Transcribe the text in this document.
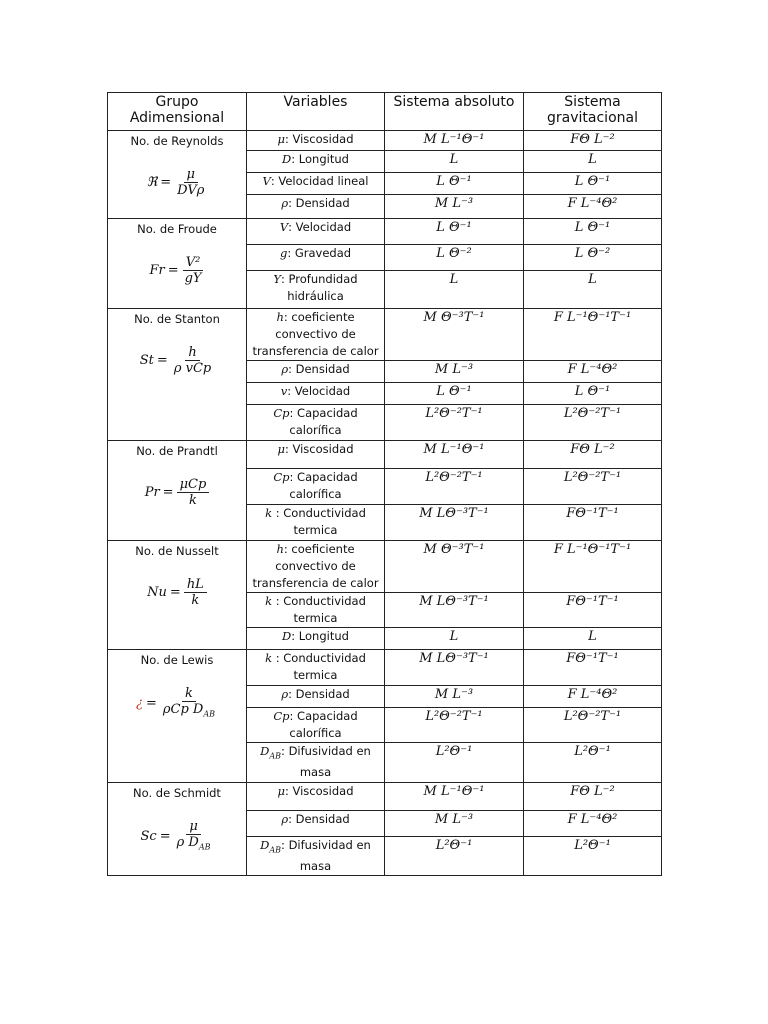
Grupo Adimensional	Variables	Sistema absoluto	Sistema gravitacional

No. de Reynolds
ℜ = $\frac{\mu}{\text{DVρ}}$	μ: Viscosidad	M L⁻¹Θ⁻¹	FΘ L⁻²
	D: Longitud	L	L
	V: Velocidad lineal	L Θ⁻¹	L Θ⁻¹
	ρ: Densidad	M L⁻³	F L⁻⁴Θ²

No. de Froude
$Fr = \frac{\text{V²}}{gY}$	V: Velocidad	L Θ⁻¹	L Θ⁻¹
	g: Gravedad	L Θ⁻²	L Θ⁻²
	Y: Profundidad hidráulica	L	L

No. de Stanton
$St = \frac{h}{\text{ρ vCp}}$	h: coeficiente convectivo de transferencia de calor	M Θ⁻³T⁻¹	F L⁻¹Θ⁻¹T⁻¹
	ρ: Densidad	M L⁻³	F L⁻⁴Θ²
	v: Velocidad	L Θ⁻¹	L Θ⁻¹
	Cp: Capacidad calorífica	L²Θ⁻²T⁻¹	L²Θ⁻²T⁻¹

No. de Prandtl
$Pr = \frac{\text{μCp}}{k}$	μ: Viscosidad	M L⁻¹Θ⁻¹	FΘ L⁻²
	Cp: Capacidad calorífica	L²Θ⁻²T⁻¹	L²Θ⁻²T⁻¹
	k : Conductividad termica	M LΘ⁻³T⁻¹	FΘ⁻¹T⁻¹

No. de Nusselt
$Nu = \frac{hL}{k}$	h: coeficiente convectivo de transferencia de calor	M Θ⁻³T⁻¹	F L⁻¹Θ⁻¹T⁻¹
	k : Conductividad termica	M LΘ⁻³T⁻¹	FΘ⁻¹T⁻¹
	D: Longitud	L	L

No. de Lewis
¿ = $\frac{k}{\rho Cp D_{AB}}$	k : Conductividad termica	M LΘ⁻³T⁻¹	FΘ⁻¹T⁻¹
	ρ: Densidad	M L⁻³	F L⁻⁴Θ²
	Cp: Capacidad calorífica	L²Θ⁻²T⁻¹	L²Θ⁻²T⁻¹
	$D_{AB}$: Difusividad en masa	L²Θ⁻¹	L²Θ⁻¹

No. de Schmidt
$Sc = \frac{\mu}{\rho D_{AB}}$	μ: Viscosidad	M L⁻¹Θ⁻¹	FΘ L⁻²
	ρ: Densidad	M L⁻³	F L⁻⁴Θ²
	$D_{AB}$: Difusividad en masa	L²Θ⁻¹	L²Θ⁻¹
